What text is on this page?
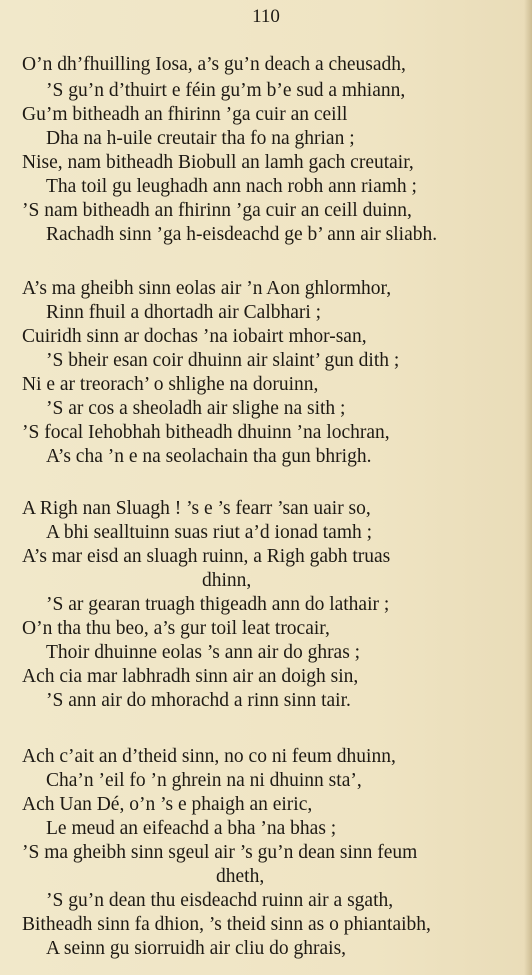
110
O’n dh’fhuilling Iosa, a’s gu’n deach a cheusadh,
’S gu’n d’thuirt e féin gu’m b’e sud a mhiann,
Gu’m bitheadh an fhirinn ’ga cuir an ceill
Dha na h-uile creutair tha fo na ghrian ;
Nise, nam bitheadh Biobull an lamh gach creutair,
Tha toil gu leughadh ann nach robh ann riamh ;
’S nam bitheadh an fhirinn ’ga cuir an ceill duinn,
Rachadh sinn ’ga h-eisdeachd ge b’ ann air sliabh.
A’s ma gheibh sinn eolas air ’n Aon ghlormhor,
Rinn fhuil a dhortadh air Calbhari ;
Cuiridh sinn ar dochas ’na iobairt mhor-san,
’S bheir esan coir dhuinn air slaint’ gun dith ;
Ni e ar treorach’ o shlighe na doruinn,
’S ar cos a sheoladh air slighe na sith ;
’S focal Iehobhah bitheadh dhuinn ’na lochran,
A’s cha ’n e na seolachain tha gun bhrigh.
A Righ nan Sluagh ! ’s e ’s fearr ’san uair so,
A bhi sealltuinn suas riut a’d ionad tamh ;
A’s mar eisd an sluagh ruinn, a Righ gabh truas
dhinn,
’S ar gearan truagh thigeadh ann do lathair ;
O’n tha thu beo, a’s gur toil leat trocair,
Thoir dhuinne eolas ’s ann air do ghras ;
Ach cia mar labhradh sinn air an doigh sin,
’S ann air do mhorachd a rinn sinn tair.
Ach c’ait an d’theid sinn, no co ni feum dhuinn,
Cha’n ’eil fo ’n ghrein na ni dhuinn sta’,
Ach Uan Dé, o’n ’s e phaigh an eiric,
Le meud an eifeachd a bha ’na bhas ;
’S ma gheibh sinn sgeul air ’s gu’n dean sinn feum
dheth,
’S gu’n dean thu eisdeachd ruinn air a sgath,
Bitheadh sinn fa dhion, ’s theid sinn as o phiantaibh,
A seinn gu siorruidh air cliu do ghrais,
